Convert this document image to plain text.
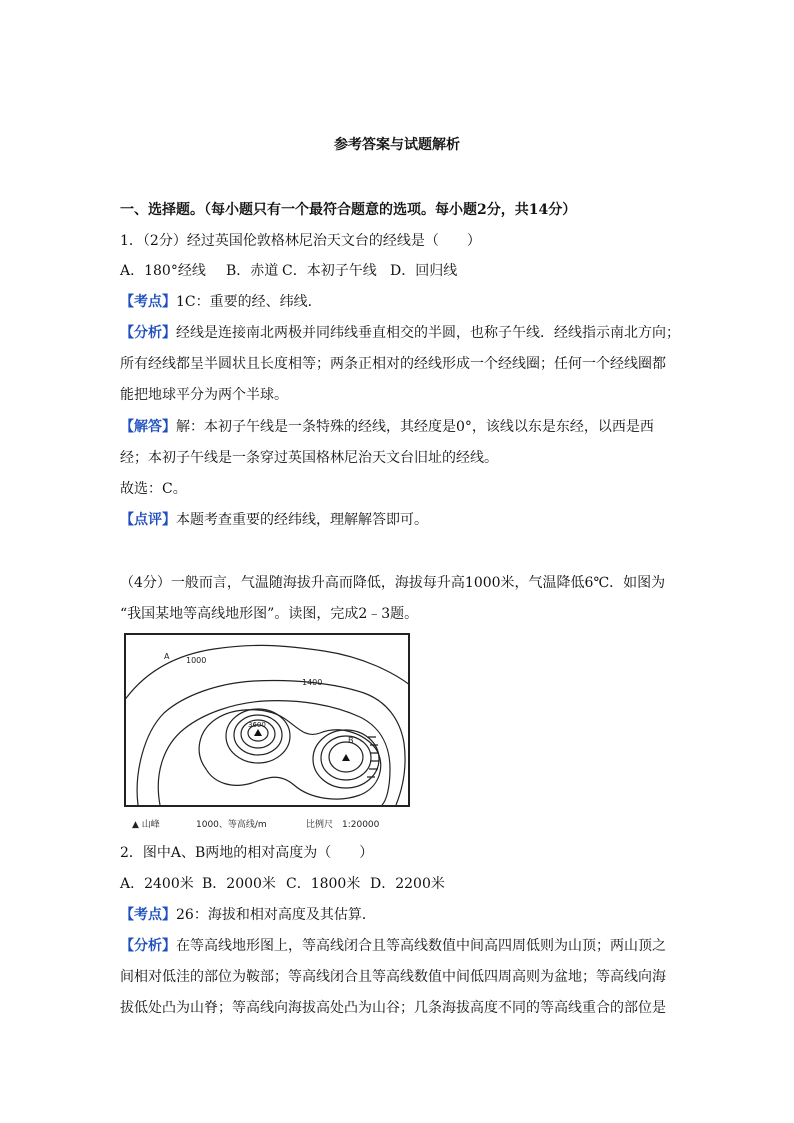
参考答案与试题解析
一、选择题。（每小题只有一个最符合题意的选项。每小题2分，共14分）
1．（2分）经过英国伦敦格林尼治天文台的经线是（　　）
A．180°经线 B．赤道 C．本初子午线 D．回归线
【考点】1C：重要的经、纬线．
【分析】经线是连接南北两极并同纬线垂直相交的半圆，也称子午线．经线指示南北方向；
所有经线都呈半圆状且长度相等；两条正相对的经线形成一个经线圈；任何一个经线圈都
能把地球平分为两个半球。
【解答】解：本初子午线是一条特殊的经线，其经度是0°，该线以东是东经，以西是西
经；本初子午线是一条穿过英国格林尼治天文台旧址的经线。
故选：C。
【点评】本题考查重要的经纬线，理解解答即可。
（4分）一般而言，气温随海拔升高而降低，海拔每升高1000米，气温降低6℃．如图为
“我国某地等高线地形图”。读图，完成2﹣3题。
A 1000
1400
3600
B
▲ 山峰	1000、等高线/m	比例尺　1:20000
2．图中A、B两地的相对高度为（　　）
A．2400米 B．2000米 C．1800米 D．2200米
【考点】26：海拔和相对高度及其估算．
【分析】在等高线地形图上，等高线闭合且等高线数值中间高四周低则为山顶；两山顶之
间相对低洼的部位为鞍部；等高线闭合且等高线数值中间低四周高则为盆地；等高线向海
拔低处凸为山脊；等高线向海拔高处凸为山谷；几条海拔高度不同的等高线重合的部位是
